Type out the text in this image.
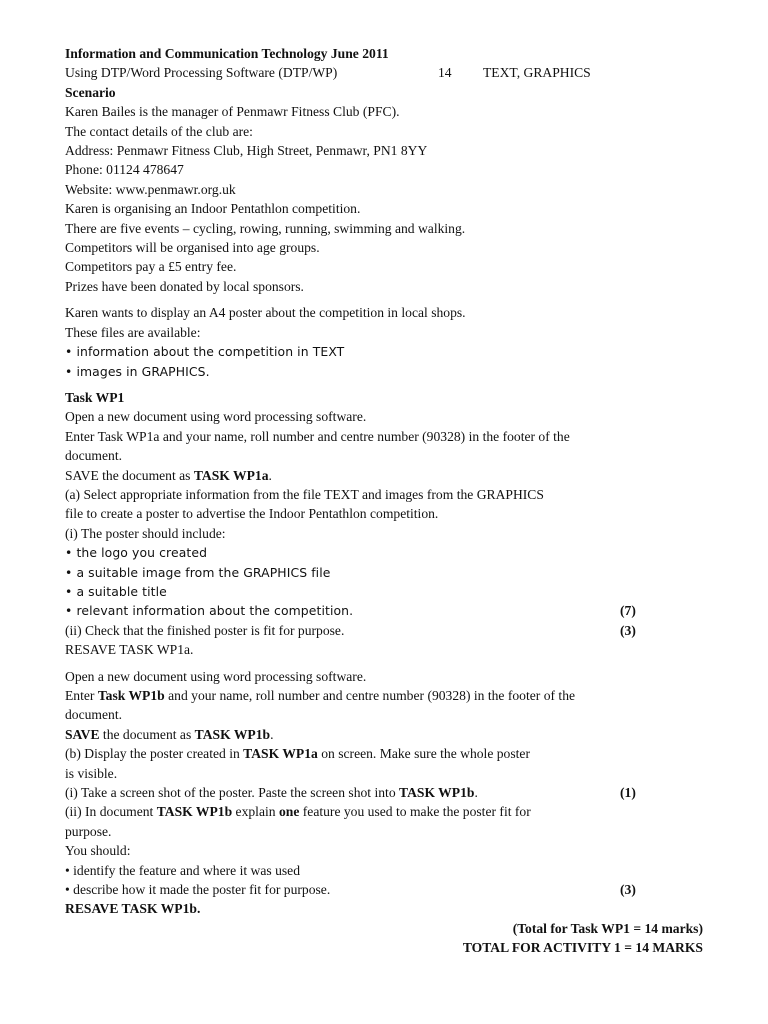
Information and Communication Technology June 2011
Using DTP/Word Processing Software (DTP/WP)	14 TEXT, GRAPHICS
Scenario
Karen Bailes is the manager of Penmawr Fitness Club (PFC).
The contact details of the club are:
Address: Penmawr Fitness Club, High Street, Penmawr, PN1 8YY
Phone: 01124 478647
Website: www.penmawr.org.uk
Karen is organising an Indoor Pentathlon competition.
There are five events – cycling, rowing, running, swimming and walking.
Competitors will be organised into age groups.
Competitors pay a £5 entry fee.
Prizes have been donated by local sponsors.
Karen wants to display an A4 poster about the competition in local shops.
These files are available:
• information about the competition in TEXT
• images in GRAPHICS.
Task WP1
Open a new document using word processing software.
Enter Task WP1a and your name, roll number and centre number (90328) in the footer of the
document.
SAVE the document as TASK WP1a.
(a) Select appropriate information from the file TEXT and images from the GRAPHICS
file to create a poster to advertise the Indoor Pentathlon competition.
(i) The poster should include:
• the logo you created
• a suitable image from the GRAPHICS file
• a suitable title
• relevant information about the competition.	(7)
(ii) Check that the finished poster is fit for purpose.	(3)
RESAVE TASK WP1a.
Open a new document using word processing software.
Enter Task WP1b and your name, roll number and centre number (90328) in the footer of the
document.
SAVE the document as TASK WP1b.
(b) Display the poster created in TASK WP1a on screen. Make sure the whole poster
is visible.
(i) Take a screen shot of the poster. Paste the screen shot into TASK WP1b.	(1)
(ii) In document TASK WP1b explain one feature you used to make the poster fit for
purpose.
You should:
• identify the feature and where it was used
• describe how it made the poster fit for purpose.	(3)
RESAVE TASK WP1b.
(Total for Task WP1 = 14 marks)
TOTAL FOR ACTIVITY 1 = 14 MARKS
